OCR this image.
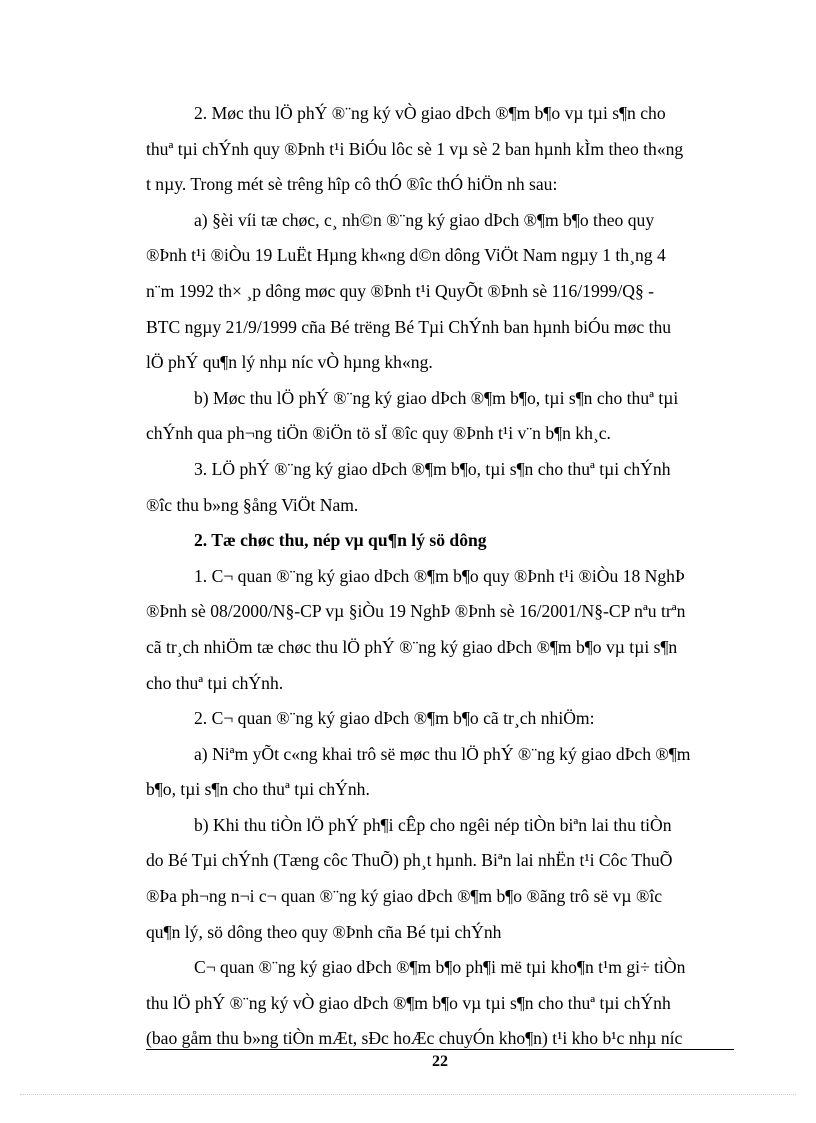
2. Møc thu lÖ phÝ ®¨ng ký vÒ giao dÞch ®¶m b¶o vµ tµi s¶n cho
thuª tµi chÝnh quy ®Þnh t¹i BiÓu lôc sè 1 vµ sè 2 ban hµnh kÌm theo th«ng
t nµy. Trong mét sè trêng hîp cô thÓ ®îc thÓ hiÖn nh sau:
a) §èi víi tæ chøc, c¸ nh©n ®¨ng ký giao dÞch ®¶m b¶o theo quy
®Þnh t¹i ®iÒu 19 LuËt Hµng kh«ng d©n dông ViÖt Nam ngµy 1 th¸ng 4
n¨m 1992 th× ¸p dông møc quy ®Þnh t¹i QuyÕt ®Þnh sè 116/1999/Q§ -
BTC ngµy 21/9/1999 cña Bé trëng Bé Tµi ChÝnh ban hµnh biÓu møc thu
lÖ phÝ qu¶n lý nhµ níc vÒ hµng kh«ng.
b) Møc thu lÖ phÝ ®¨ng ký giao dÞch ®¶m b¶o, tµi s¶n cho thuª tµi
chÝnh qua ph¬ng tiÖn ®iÖn tö sÏ ®îc quy ®Þnh t¹i v¨n b¶n kh¸c.
3. LÖ phÝ ®¨ng ký giao dÞch ®¶m b¶o, tµi s¶n cho thuª tµi chÝnh
®îc thu b»ng §ång ViÖt Nam.
2. Tæ chøc thu, nép vµ qu¶n lý sö dông
1. C¬ quan ®¨ng ký giao dÞch ®¶m b¶o quy ®Þnh t¹i ®iÒu 18 NghÞ
®Þnh sè 08/2000/N§-CP vµ §iÒu 19 NghÞ ®Þnh sè 16/2001/N§-CP nªu trªn
cã tr¸ch nhiÖm tæ chøc thu lÖ phÝ ®¨ng ký giao dÞch ®¶m b¶o vµ tµi s¶n
cho thuª tµi chÝnh.
2. C¬ quan ®¨ng ký giao dÞch ®¶m b¶o cã tr¸ch nhiÖm:
a) Niªm yÕt c«ng khai trô së møc thu lÖ phÝ ®¨ng ký giao dÞch ®¶m
b¶o, tµi s¶n cho thuª tµi chÝnh.
b) Khi thu tiÒn lÖ phÝ ph¶i cÊp cho ngêi nép tiÒn biªn lai thu tiÒn
do Bé Tµi chÝnh (Tæng côc ThuÕ) ph¸t hµnh. Biªn lai nhËn t¹i Côc ThuÕ
®Þa ph¬ng n¬i c¬ quan ®¨ng ký giao dÞch ®¶m b¶o ®ãng trô së vµ ®îc
qu¶n lý, sö dông theo quy ®Þnh cña Bé tµi chÝnh
C¬ quan ®¨ng ký giao dÞch ®¶m b¶o ph¶i më tµi kho¶n t¹m gi÷ tiÒn
thu lÖ phÝ ®¨ng ký vÒ giao dÞch ®¶m b¶o vµ tµi s¶n cho thuª tµi chÝnh
(bao gåm thu b»ng tiÒn mÆt, sÐc hoÆc chuyÓn kho¶n) t¹i kho b¹c nhµ níc
22
